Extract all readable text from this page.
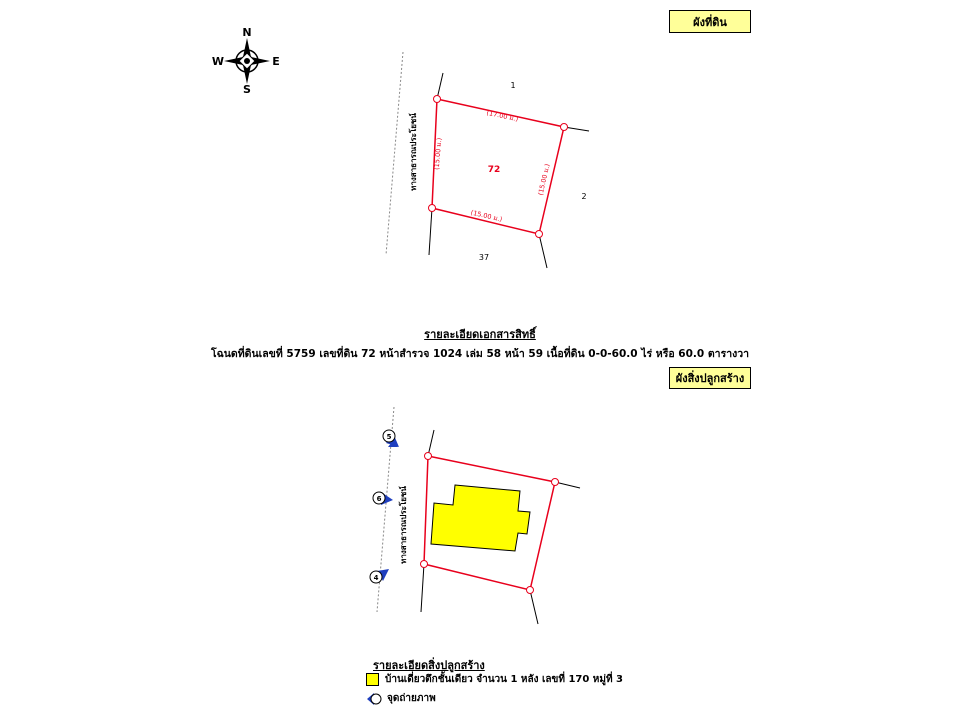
ผังที่ดิน
ผังสิ่งปลูกสร้าง
N
S
E
W
(17.00 ม.)
(15.00 ม.)
(15.00 ม.)
(15.00 ม.)	72
1
2
37
ทางสาธารณประโยชน์
ทางสาธารณประโยชน์
5
6
4
รายละเอียดเอกสารสิทธิ์
โฉนดที่ดินเลขที่ 5759 เลขที่ดิน 72 หน้าสำรวจ 1024 เล่ม 58 หน้า 59 เนื้อที่ดิน 0-0-60.0 ไร่ หรือ 60.0 ตารางวา
รายละเอียดสิ่งปลูกสร้าง
บ้านเดี่ยวตึกชั้นเดียว จำนวน 1 หลัง เลขที่ 170 หมู่ที่ 3
จุดถ่ายภาพ
